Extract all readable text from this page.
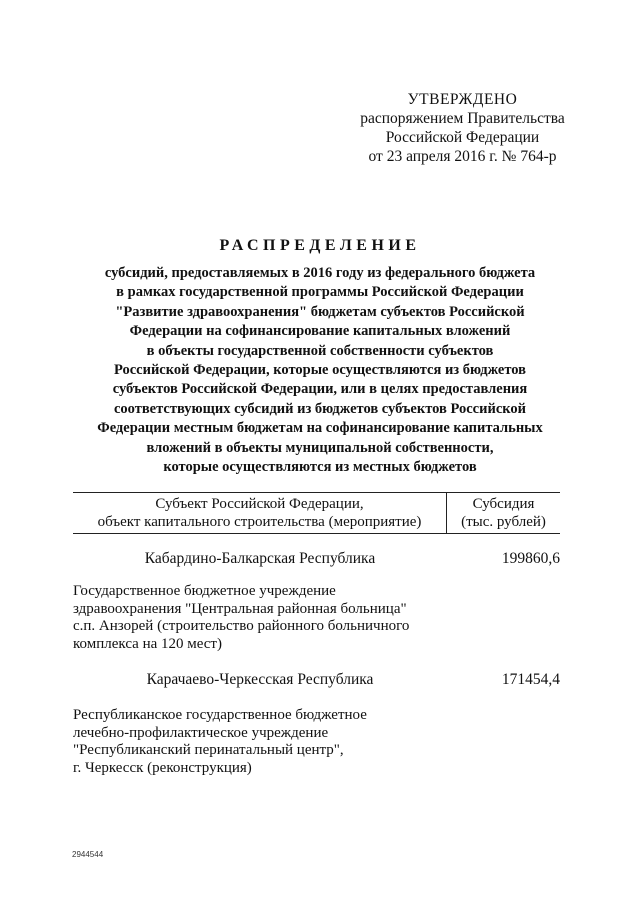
УТВЕРЖДЕНО
распоряжением Правительства
Российской Федерации
от 23 апреля 2016 г. № 764-р
РАСПРЕДЕЛЕНИЕ
субсидий, предоставляемых в 2016 году из федерального бюджета
в рамках государственной программы Российской Федерации
"Развитие здравоохранения" бюджетам субъектов Российской
Федерации на софинансирование капитальных вложений
в объекты государственной собственности субъектов
Российской Федерации, которые осуществляются из бюджетов
субъектов Российской Федерации, или в целях предоставления
соответствующих субсидий из бюджетов субъектов Российской
Федерации местным бюджетам на софинансирование капитальных
вложений в объекты муниципальной собственности,
которые осуществляются из местных бюджетов
Субъект Российской Федерации,
объект капитального строительства (мероприятие)
Субсидия
(тыс. рублей)
Кабардино-Балкарская Республика	199860,6
Государственное бюджетное учреждение
здравоохранения "Центральная районная больница"
с.п. Анзорей (строительство районного больничного
комплекса на 120 мест)
Карачаево-Черкесская Республика	171454,4
Республиканское государственное бюджетное
лечебно-профилактическое учреждение
"Республиканский перинатальный центр",
г. Черкесск (реконструкция)
2944544
